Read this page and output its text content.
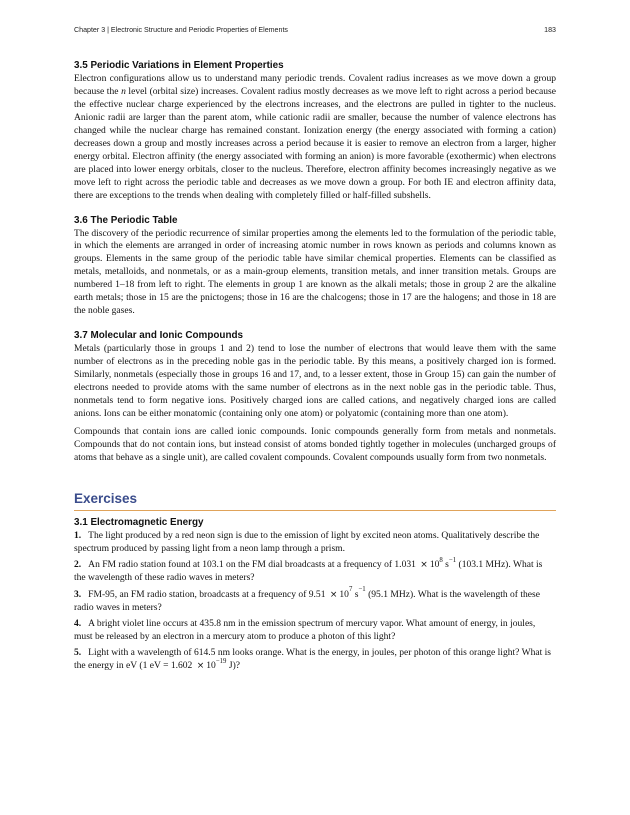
Chapter 3 | Electronic Structure and Periodic Properties of Elements	183
3.5 Periodic Variations in Element Properties

Electron configurations allow us to understand many periodic trends. Covalent radius increases as we move down a group because the n level (orbital size) increases. Covalent radius mostly decreases as we move left to right across a period because the effective nuclear charge experienced by the electrons increases, and the electrons are pulled in tighter to the nucleus. Anionic radii are larger than the parent atom, while cationic radii are smaller, because the number of valence electrons has changed while the nuclear charge has remained constant. Ionization energy (the energy associated with forming a cation) decreases down a group and mostly increases across a period because it is easier to remove an electron from a larger, higher energy orbital. Electron affinity (the energy associated with forming an anion) is more favorable (exothermic) when electrons are placed into lower energy orbitals, closer to the nucleus. Therefore, electron affinity becomes increasingly negative as we move left to right across the periodic table and decreases as we move down a group. For both IE and electron affinity data, there are exceptions to the trends when dealing with completely filled or half-filled subshells.

3.6 The Periodic Table

The discovery of the periodic recurrence of similar properties among the elements led to the formulation of the periodic table, in which the elements are arranged in order of increasing atomic number in rows known as periods and columns known as groups. Elements in the same group of the periodic table have similar chemical properties. Elements can be classified as metals, metalloids, and nonmetals, or as a main-group elements, transition metals, and inner transition metals. Groups are numbered 1–18 from left to right. The elements in group 1 are known as the alkali metals; those in group 2 are the alkaline earth metals; those in 15 are the pnictogens; those in 16 are the chalcogens; those in 17 are the halogens; and those in 18 are the noble gases.

3.7 Molecular and Ionic Compounds

Metals (particularly those in groups 1 and 2) tend to lose the number of electrons that would leave them with the same number of electrons as in the preceding noble gas in the periodic table. By this means, a positively charged ion is formed. Similarly, nonmetals (especially those in groups 16 and 17, and, to a lesser extent, those in Group 15) can gain the number of electrons needed to provide atoms with the same number of electrons as in the next noble gas in the periodic table. Thus, nonmetals tend to form negative ions. Positively charged ions are called cations, and negatively charged ions are called anions. Ions can be either monatomic (containing only one atom) or polyatomic (containing more than one atom).

Compounds that contain ions are called ionic compounds. Ionic compounds generally form from metals and nonmetals. Compounds that do not contain ions, but instead consist of atoms bonded tightly together in molecules (uncharged groups of atoms that behave as a single unit), are called covalent compounds. Covalent compounds usually form from two nonmetals.

Exercises
3.1 Electromagnetic Energy

1. The light produced by a red neon sign is due to the emission of light by excited neon atoms. Qualitatively describe the spectrum produced by passing light from a neon lamp through a prism.

2. An FM radio station found at 103.1 on the FM dial broadcasts at a frequency of $1.031 \times 10^8$ $s^{-1}$ (103.1 MHz). What is the wavelength of these radio waves in meters?

3. FM-95, an FM radio station, broadcasts at a frequency of $9.51 \times 10^7$ $s^{-1}$ (95.1 MHz). What is the wavelength of these radio waves in meters?

4. A bright violet line occurs at 435.8 nm in the emission spectrum of mercury vapor. What amount of energy, in joules, must be released by an electron in a mercury atom to produce a photon of this light?

5. Light with a wavelength of 614.5 nm looks orange. What is the energy, in joules, per photon of this orange light? What is the energy in eV (1 eV = $1.602 \times 10^{-19}$ J)?
